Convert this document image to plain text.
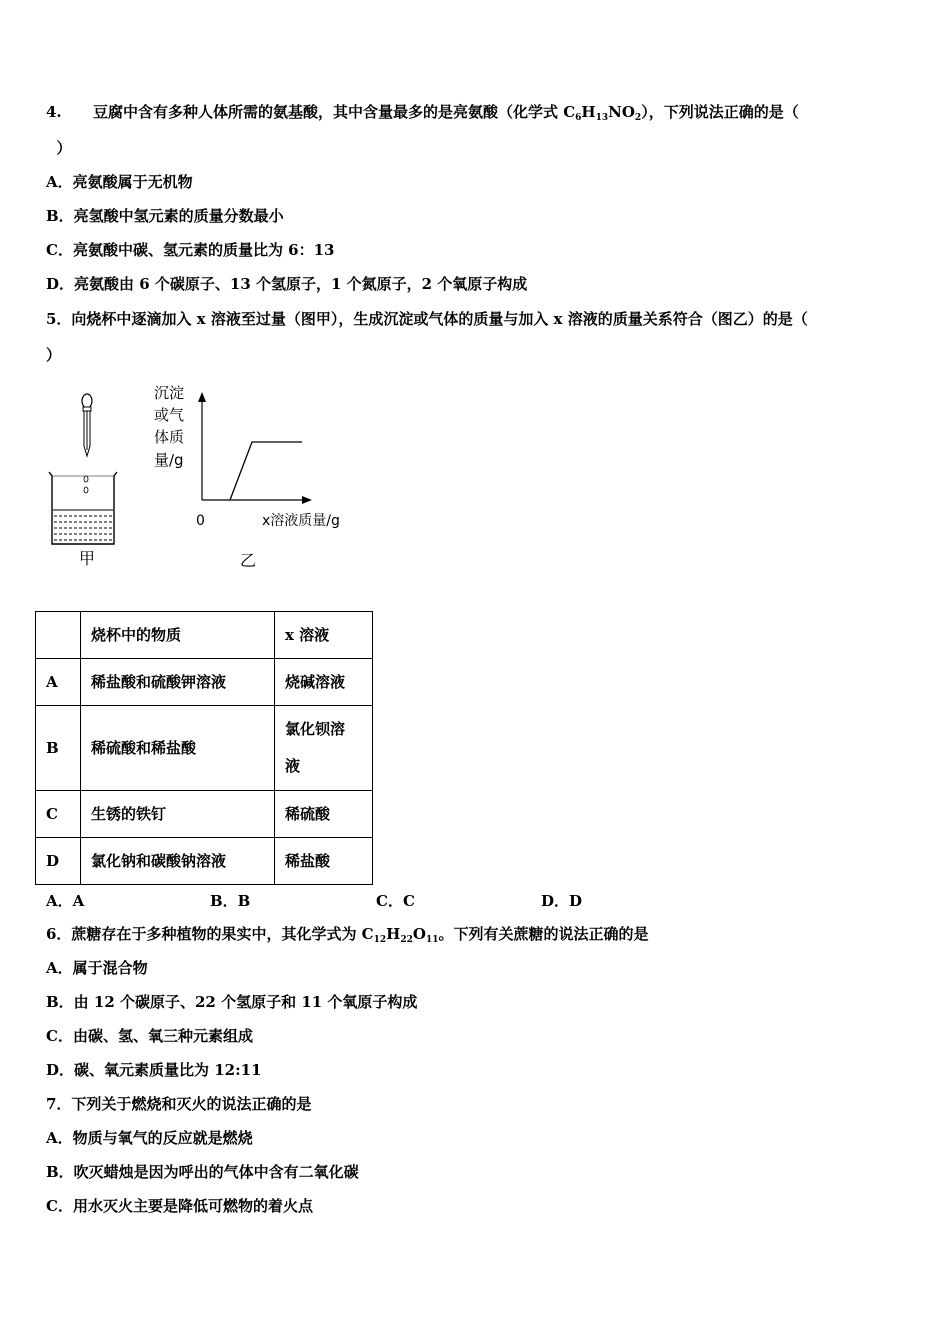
4.      豆腐中含有多种人体所需的氨基酸，其中含量最多的是亮氨酸（化学式 $C_6H_{13}NO_2$），下列说法正确的是（
）
A．亮氨酸属于无机物
B．亮氢酸中氢元素的质量分数最小
C．亮氨酸中碳、氢元素的质量比为 6：13
D．亮氨酸由 6 个碳原子、13 个氢原子，1 个氮原子，2 个氧原子构成
5．向烧杯中逐滴加入 x 溶液至过量（图甲），生成沉淀或气体的质量与加入 x 溶液的质量关系符合（图乙）的是（
）
甲
沉淀
或气
体质
量/g
0	x溶液质量/g
乙
	烧杯中的物质	x 溶液
A	稀盐酸和硫酸钾溶液	烧碱溶液
B	稀硫酸和稀盐酸	氯化钡溶
液
C	生锈的铁钉	稀硫酸
D	氯化钠和碳酸钠溶液	稀盐酸
A．A	B．B	C．C	D．D
6．蔗糖存在于多种植物的果实中，其化学式为 $C_{12}H_{22}O_{11}$。下列有关蔗糖的说法正确的是
A．属于混合物
B．由 12 个碳原子、22 个氢原子和 11 个氧原子构成
C．由碳、氢、氧三种元素组成
D．碳、氧元素质量比为 12:11
7．下列关于燃烧和灭火的说法正确的是
A．物质与氧气的反应就是燃烧
B．吹灭蜡烛是因为呼出的气体中含有二氧化碳
C．用水灭火主要是降低可燃物的着火点
